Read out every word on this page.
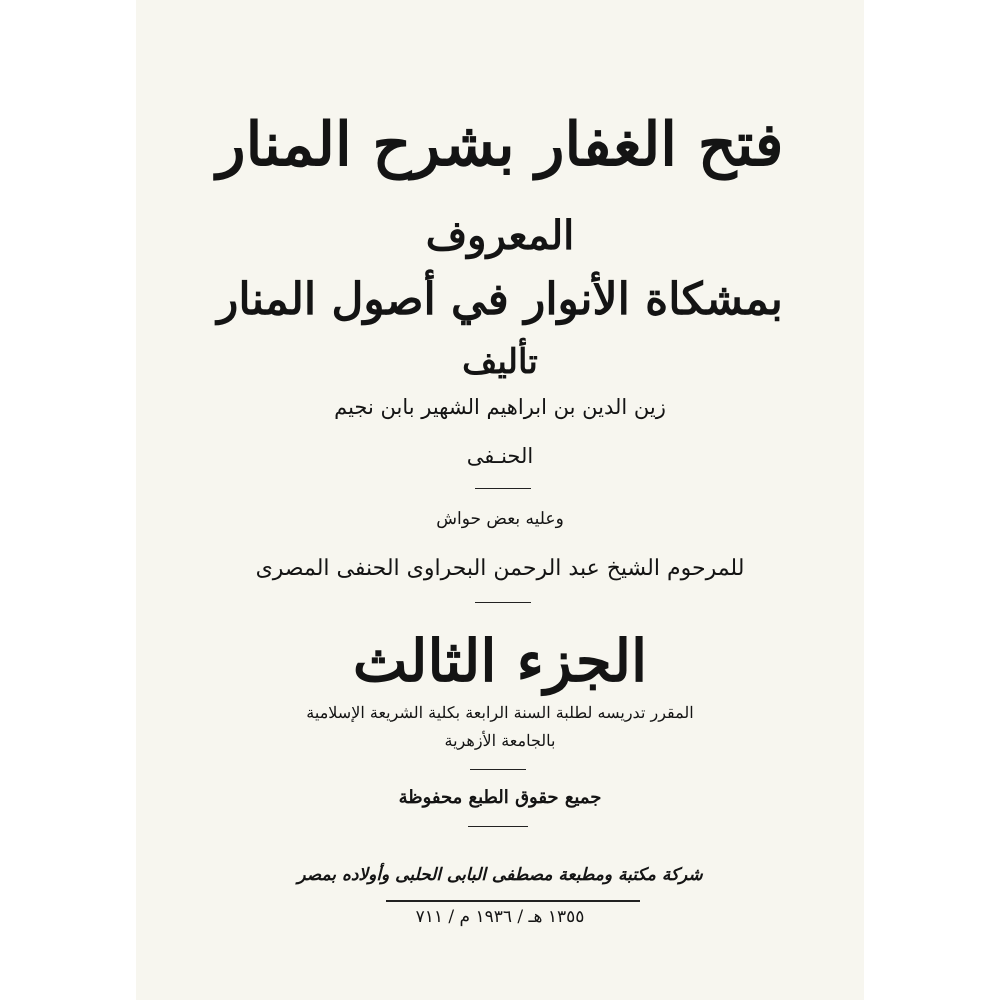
فتح الغفار بشرح المنار
المعروف
بمشكاة الأنوار في أصول المنار
تأليف
زين الدين بن ابراهيم الشهير بابن نجيم
الحنـفى
وعليه بعض حواش
للمرحوم الشيخ عبد الرحمن البحراوى الحنفى المصرى
الجزء الثالث
المقرر تدريسه لطلبة السنة الرابعة بكلية الشريعة الإسلامية
بالجامعة الأزهرية
جميع حقوق الطبع محفوظة
شركة مكتبة ومطبعة مصطفى البابى الحلبى وأولاده بمصر
١٣٥٥ هـ / ١٩٣٦ م / ٧١١
